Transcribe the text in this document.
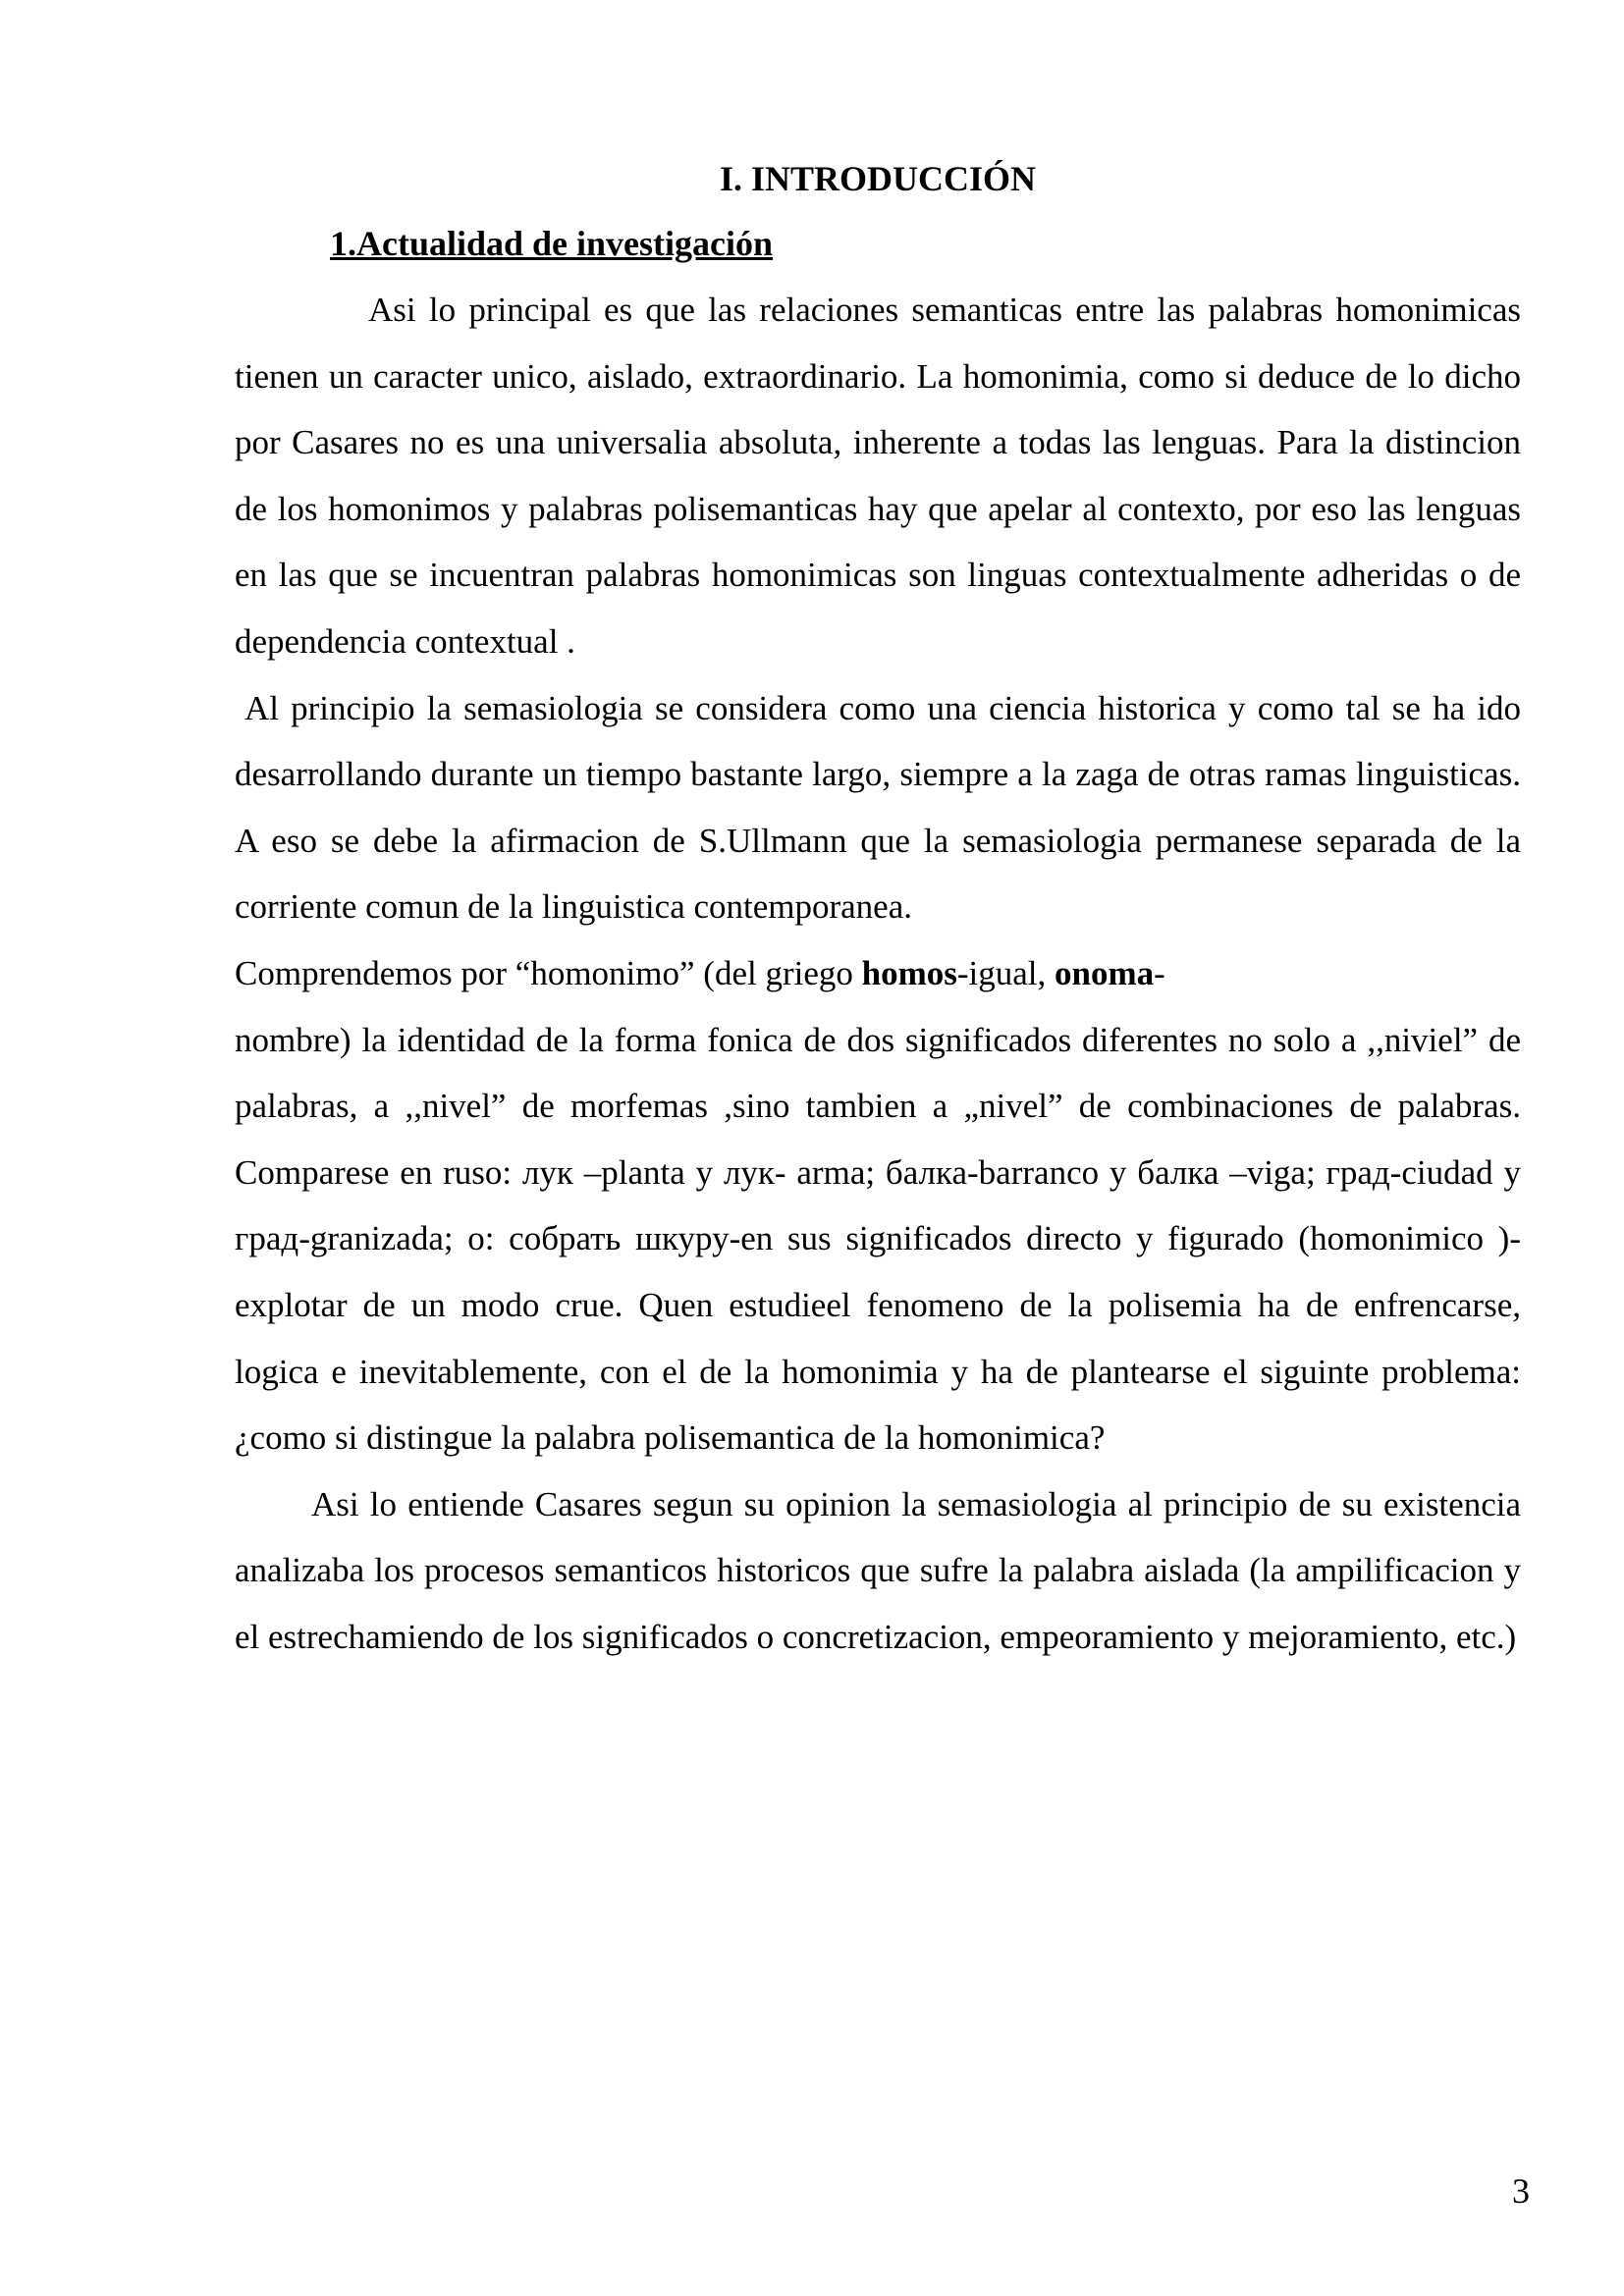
I. INTRODUCCIÓN
1.Actualidad de investigación

Asi lo principal es que las relaciones semanticas entre las palabras homonimicas tienen un caracter unico, aislado, extraordinario. La homonimia, como si deduce de lo dicho por Casares no es una universalia absoluta, inherente a todas las lenguas. Para la distincion de los homonimos y palabras polisemanticas hay que apelar al contexto, por eso las lenguas en las que se incuentran palabras homonimicas son linguas contextualmente adheridas o de dependencia contextual .

Al principio la semasiologia se considera como una ciencia historica y como tal se ha ido desarrollando durante un tiempo bastante largo, siempre a la zaga de otras ramas linguisticas. A eso se debe la afirmacion de S.Ullmann que la semasiologia permanese separada de la corriente comun de la linguistica contemporanea.

Comprendemos por “homonimo” (del griego homos-igual, onoma-
nombre) la identidad de la forma fonica de dos significados diferentes no solo a ,,niviel” de palabras, a ,,nivel” de morfemas ,sino tambien a „nivel” de combinaciones de palabras. Comparese en ruso: лук –planta y лук- arma; балка-barranco y балка –viga; град-ciudad y град-granizada; o: собрать шкуру-en sus significados directo y figurado (homonimico )-explotar de un modo crue. Quen estudieel fenomeno de la polisemia ha de enfrencarse, logica e inevitablemente, con el de la homonimia y ha de plantearse el siguinte problema: ¿como si distingue la palabra polisemantica de la homonimica?

Asi lo entiende Casares segun su opinion la semasiologia al principio de su existencia analizaba los procesos semanticos historicos que sufre la palabra aislada (la ampilificacion y el estrechamiendo de los significados o concretizacion, empeoramiento y mejoramiento, etc.)

3
